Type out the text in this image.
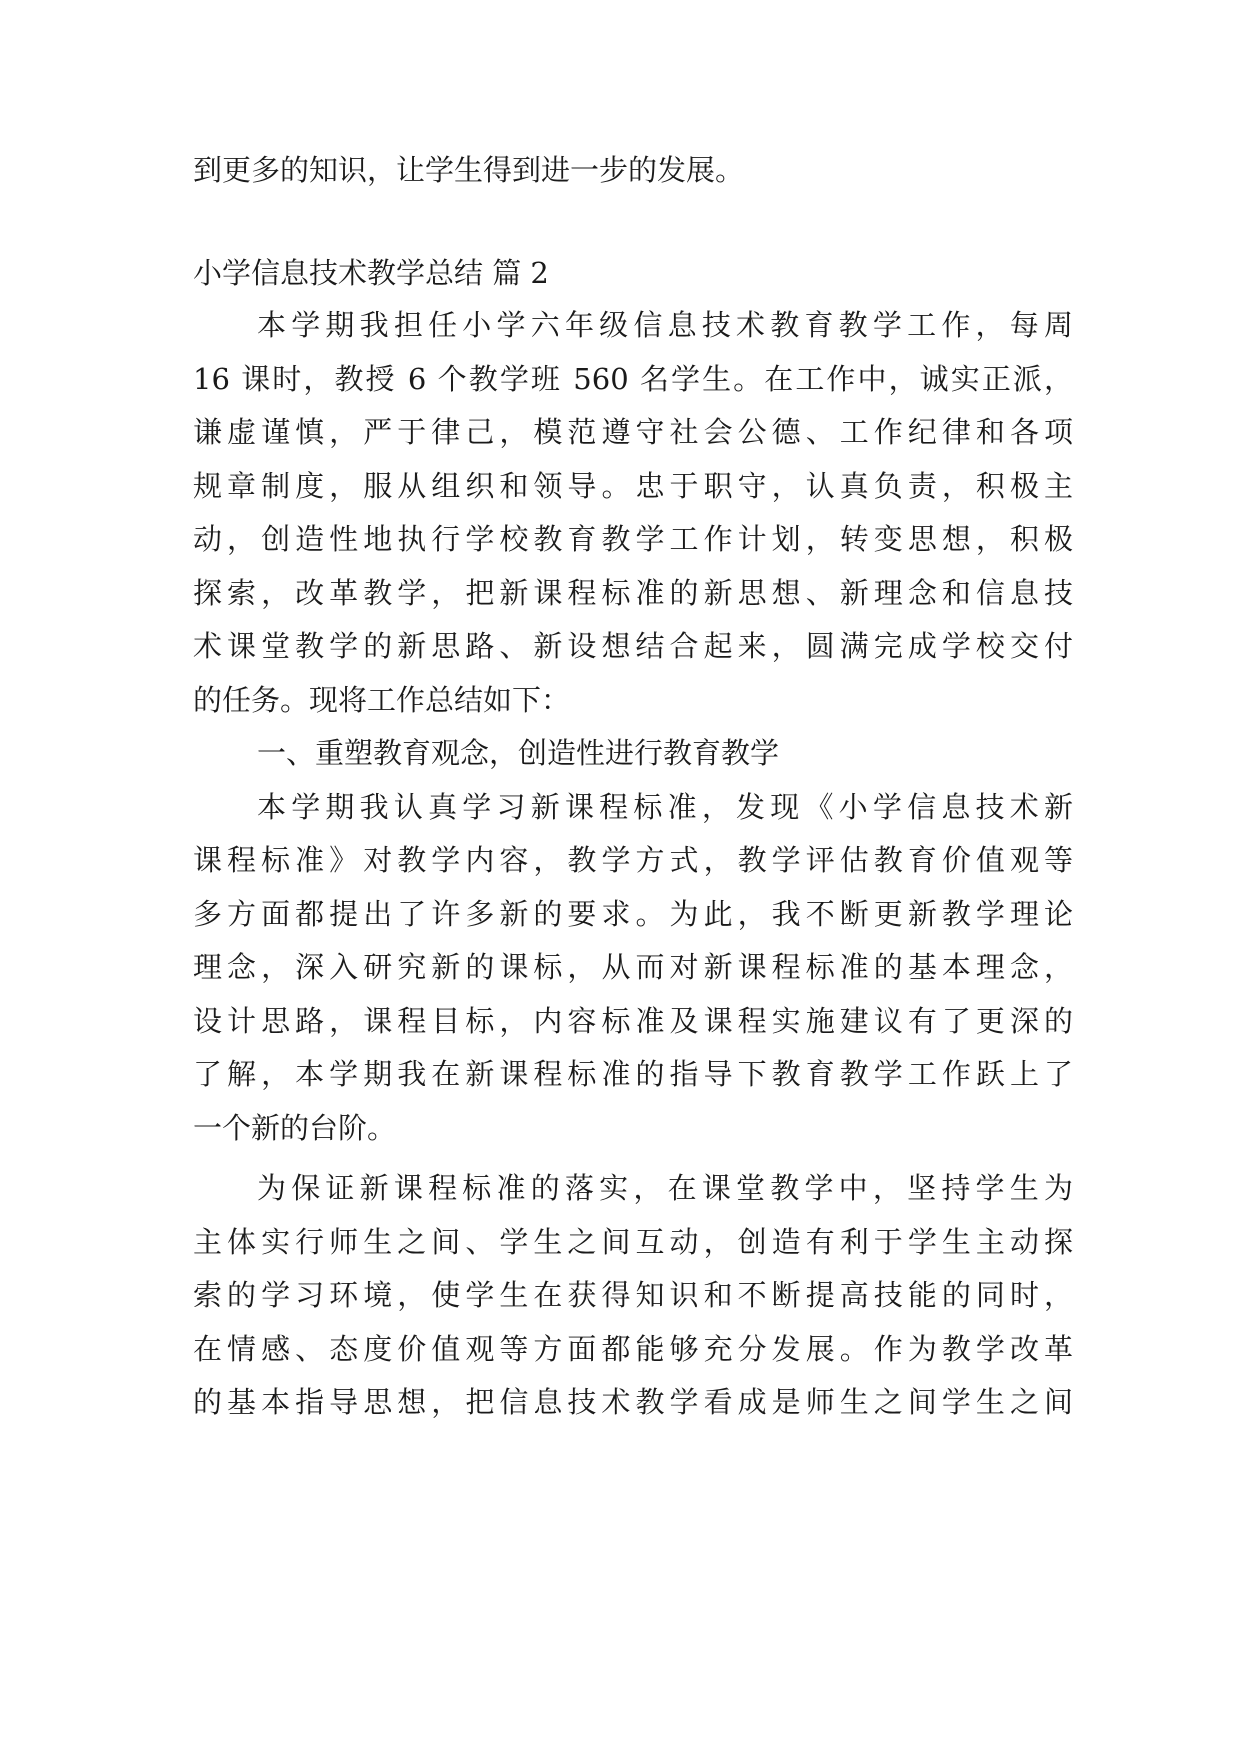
到更多的知识，让学生得到进一步的发展。
小学信息技术教学总结 篇 2
本学期我担任小学六年级信息技术教育教学工作，每周
16 课时，教授 6 个教学班 560 名学生。在工作中，诚实正派，
谦虚谨慎，严于律己，模范遵守社会公德、工作纪律和各项
规章制度，服从组织和领导。忠于职守，认真负责，积极主
动，创造性地执行学校教育教学工作计划，转变思想，积极
探索，改革教学，把新课程标准的新思想、新理念和信息技
术课堂教学的新思路、新设想结合起来，圆满完成学校交付
的任务。现将工作总结如下：
一、重塑教育观念，创造性进行教育教学
本学期我认真学习新课程标准，发现《小学信息技术新
课程标准》对教学内容，教学方式，教学评估教育价值观等
多方面都提出了许多新的要求。为此，我不断更新教学理论
理念，深入研究新的课标，从而对新课程标准的基本理念，
设计思路，课程目标，内容标准及课程实施建议有了更深的
了解，本学期我在新课程标准的指导下教育教学工作跃上了
一个新的台阶。
为保证新课程标准的落实，在课堂教学中，坚持学生为
主体实行师生之间、学生之间互动，创造有利于学生主动探
索的学习环境，使学生在获得知识和不断提高技能的同时，
在情感、态度价值观等方面都能够充分发展。作为教学改革
的基本指导思想，把信息技术教学看成是师生之间学生之间
